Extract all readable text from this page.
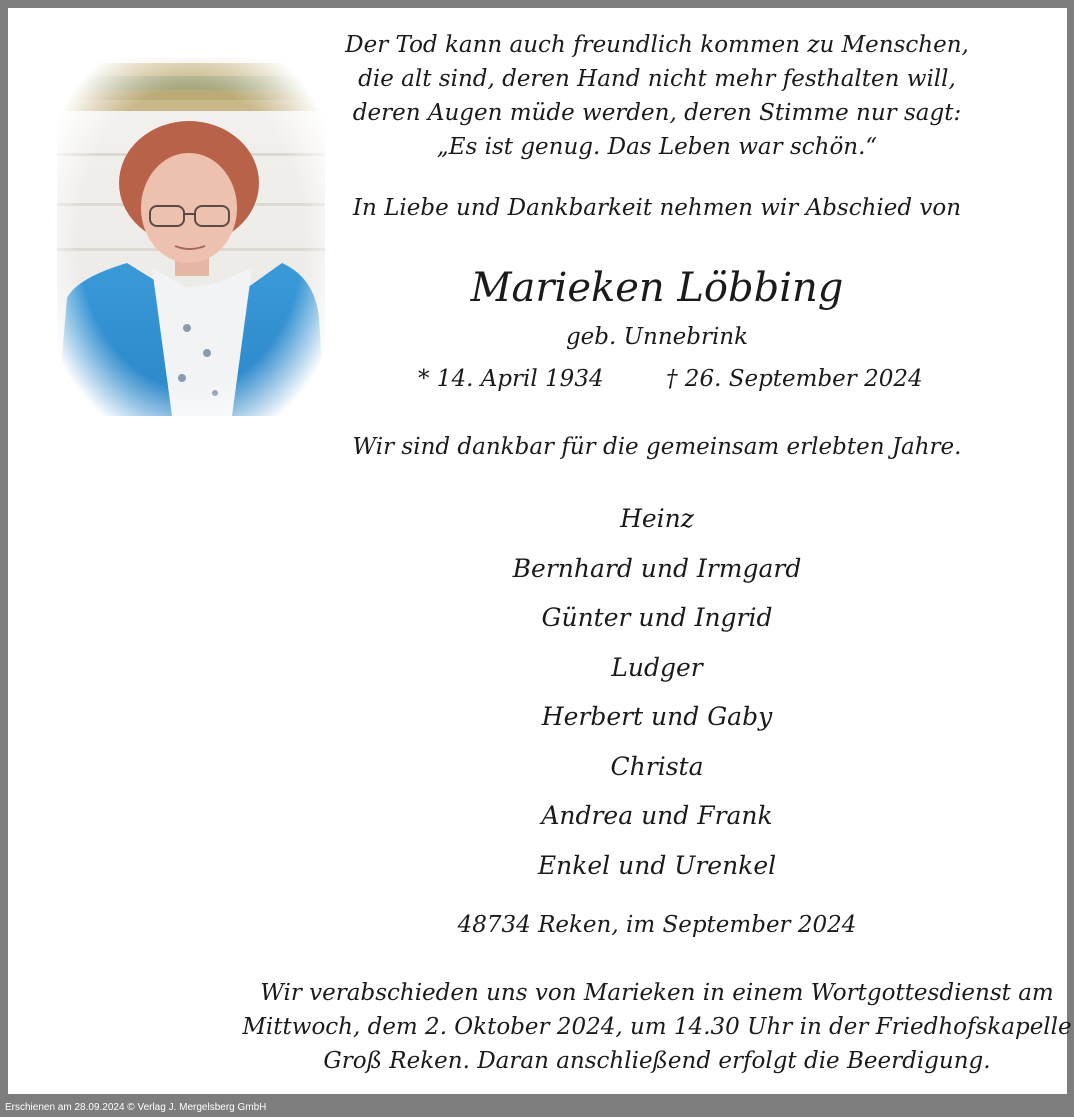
Der Tod kann auch freundlich kommen zu Menschen,
die alt sind, deren Hand nicht mehr festhalten will,
deren Augen müde werden, deren Stimme nur sagt:
„Es ist genug. Das Leben war schön.“
In Liebe und Dankbarkeit nehmen wir Abschied von
Marieken Löbbing
geb. Unnebrink
* 14. April 1934	† 26. September 2024
Wir sind dankbar für die gemeinsam erlebten Jahre.
Heinz
Bernhard und Irmgard
Günter und Ingrid
Ludger
Herbert und Gaby
Christa
Andrea und Frank
Enkel und Urenkel
48734 Reken, im September 2024
Wir verabschieden uns von Marieken in einem Wortgottesdienst am
Mittwoch, dem 2. Oktober 2024, um 14.30 Uhr in der Friedhofskapelle
Groß Reken. Daran anschließend erfolgt die Beerdigung.
Erschienen am 28.09.2024 © Verlag J. Mergelsberg GmbH
